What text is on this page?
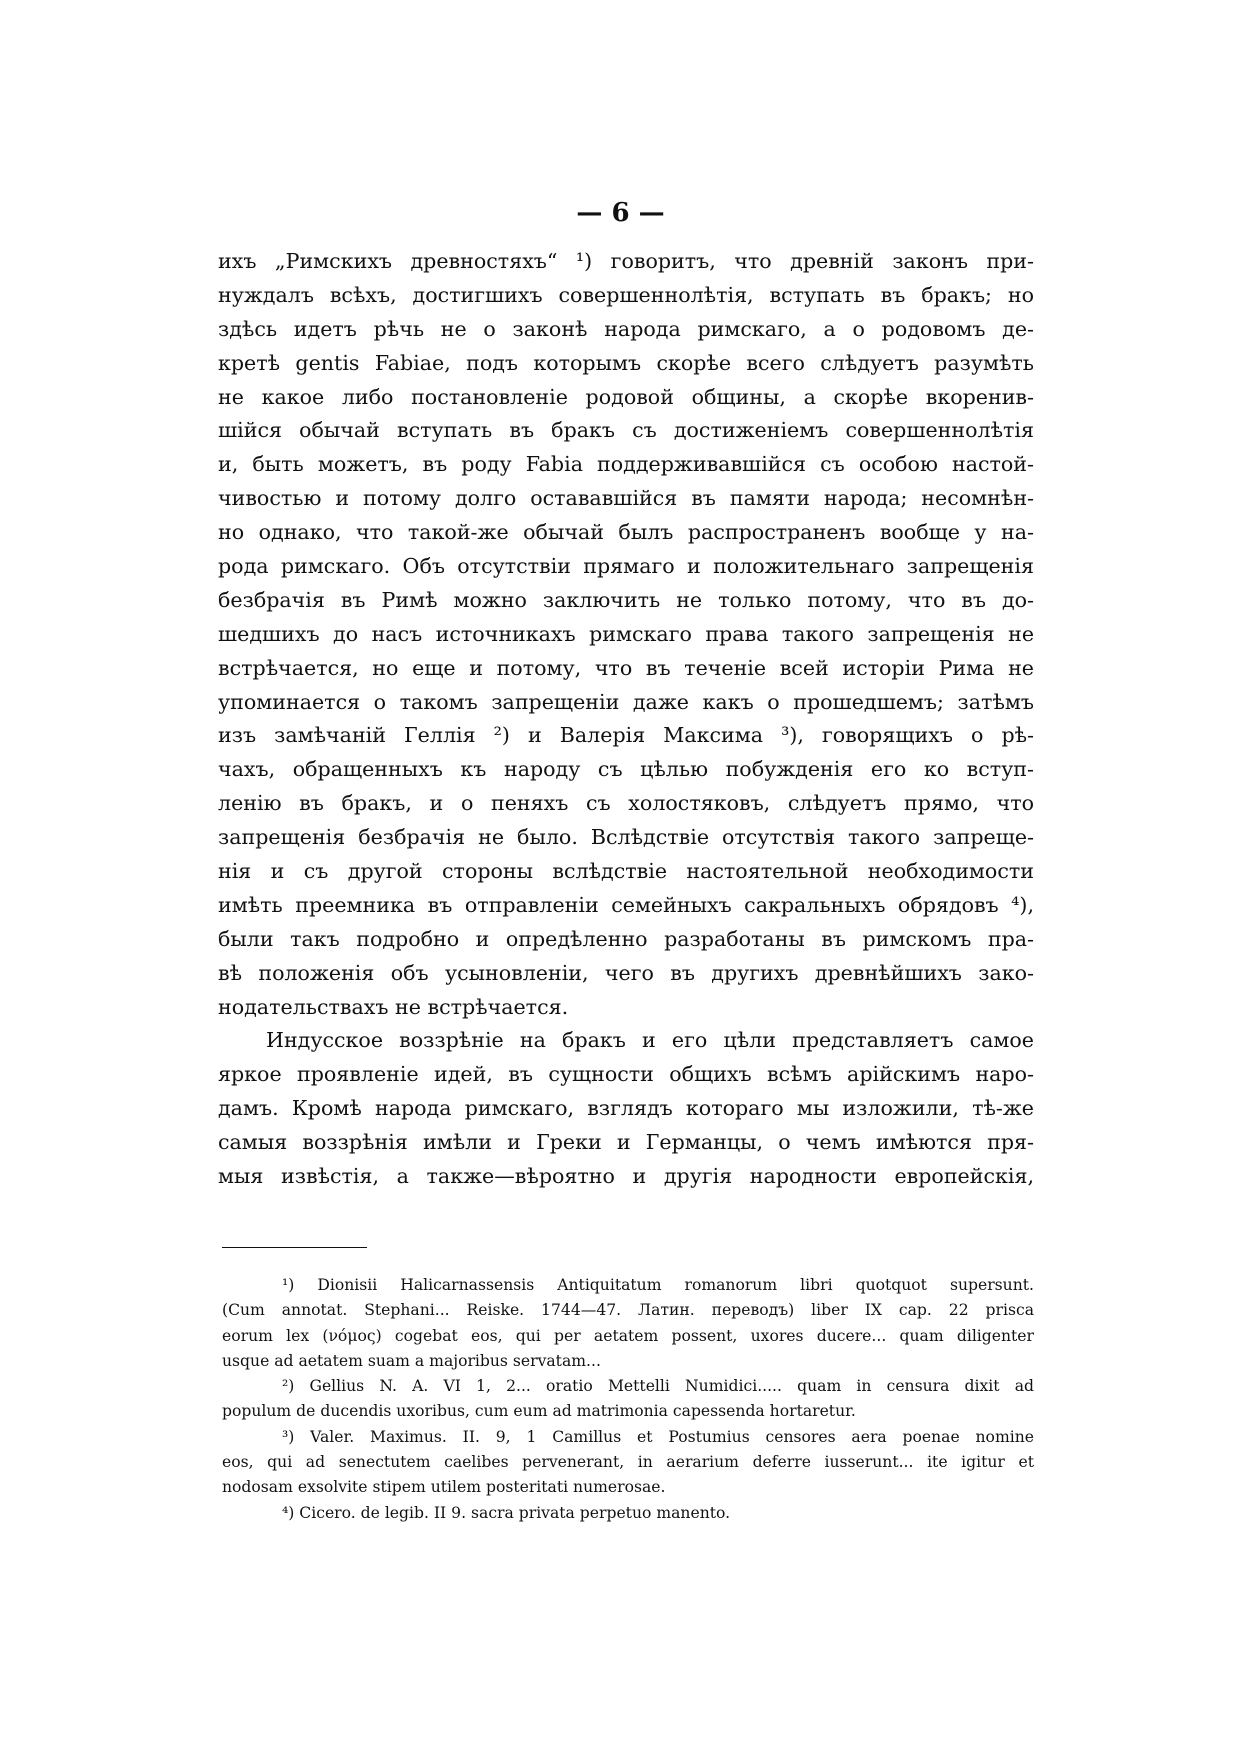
— 6 —
ихъ „Римскихъ древностяхъ“ ¹) говоритъ, что древній законъ при-
нуждалъ всѣхъ, достигшихъ совершеннолѣтія, вступать въ бракъ; но
здѣсь идетъ рѣчь не о законѣ народа римскаго, а о родовомъ де-
кретѣ gentis Fabiae, подъ которымъ скорѣе всего слѣдуетъ разумѣть
не какое либо постановленіе родовой общины, а скорѣе вкоренив-
шійся обычай вступать въ бракъ съ достиженіемъ совершеннолѣтія
и, быть можетъ, въ роду Fabia поддерживавшійся съ особою настой-
чивостью и потому долго остававшійся въ памяти народа; несомнѣн-
но однако, что такой-же обычай былъ распространенъ вообще у на-
рода римскаго. Объ отсутствіи прямаго и положительнаго запрещенія
безбрачія въ Римѣ можно заключить не только потому, что въ до-
шедшихъ до насъ источникахъ римскаго права такого запрещенія не
встрѣчается, но еще и потому, что въ теченіе всей исторіи Рима не
упоминается о такомъ запрещеніи даже какъ о прошедшемъ; затѣмъ
изъ замѣчаній Геллія ²) и Валерія Максима ³), говорящихъ о рѣ-
чахъ, обращенныхъ къ народу съ цѣлью побужденія его ко вступ-
ленію въ бракъ, и о пеняхъ съ холостяковъ, слѣдуетъ прямо, что
запрещенія безбрачія не было. Вслѣдствіе отсутствія такого запреще-
нія и съ другой стороны вслѣдствіе настоятельной необходимости
имѣть преемника въ отправленіи семейныхъ сакральныхъ обрядовъ ⁴),
были такъ подробно и опредѣленно разработаны въ римскомъ пра-
вѣ положенія объ усыновленіи, чего въ другихъ древнѣйшихъ зако-
нодательствахъ не встрѣчается.
Индусское воззрѣніе на бракъ и его цѣли представляетъ самое
яркое проявленіе идей, въ сущности общихъ всѣмъ арійскимъ наро-
дамъ. Кромѣ народа римскаго, взглядъ котораго мы изложили, тѣ-же
самыя воззрѣнія имѣли и Греки и Германцы, о чемъ имѣются пря-
мыя извѣстія, а также—вѣроятно и другія народности европейскія,
¹) Dionisii Halicarnassensis Antiquitatum romanorum libri quotquot supersunt.
(Cum annotat. Stephani... Reiske. 1744—47. Латин. переводъ) liber IX cap. 22 prisca
eorum lex (νόμος) cogebat eos, qui per aetatem possent, uxores ducere... quam diligenter
usque ad aetatem suam a majoribus servatam...
²) Gellius N. A. VI 1, 2... oratio Mettelli Numidici..... quam in censura dixit ad
populum de ducendis uxoribus, cum eum ad matrimonia capessenda hortaretur.
³) Valer. Maximus. II. 9, 1 Camillus et Postumius censores aera poenae nomine
eos, qui ad senectutem caelibes pervenerant, in aerarium deferre iusserunt... ite igitur et
nodosam exsolvite stipem utilem posteritati numerosae.
⁴) Cicero. de legib. II 9. sacra privata perpetuo manento.
